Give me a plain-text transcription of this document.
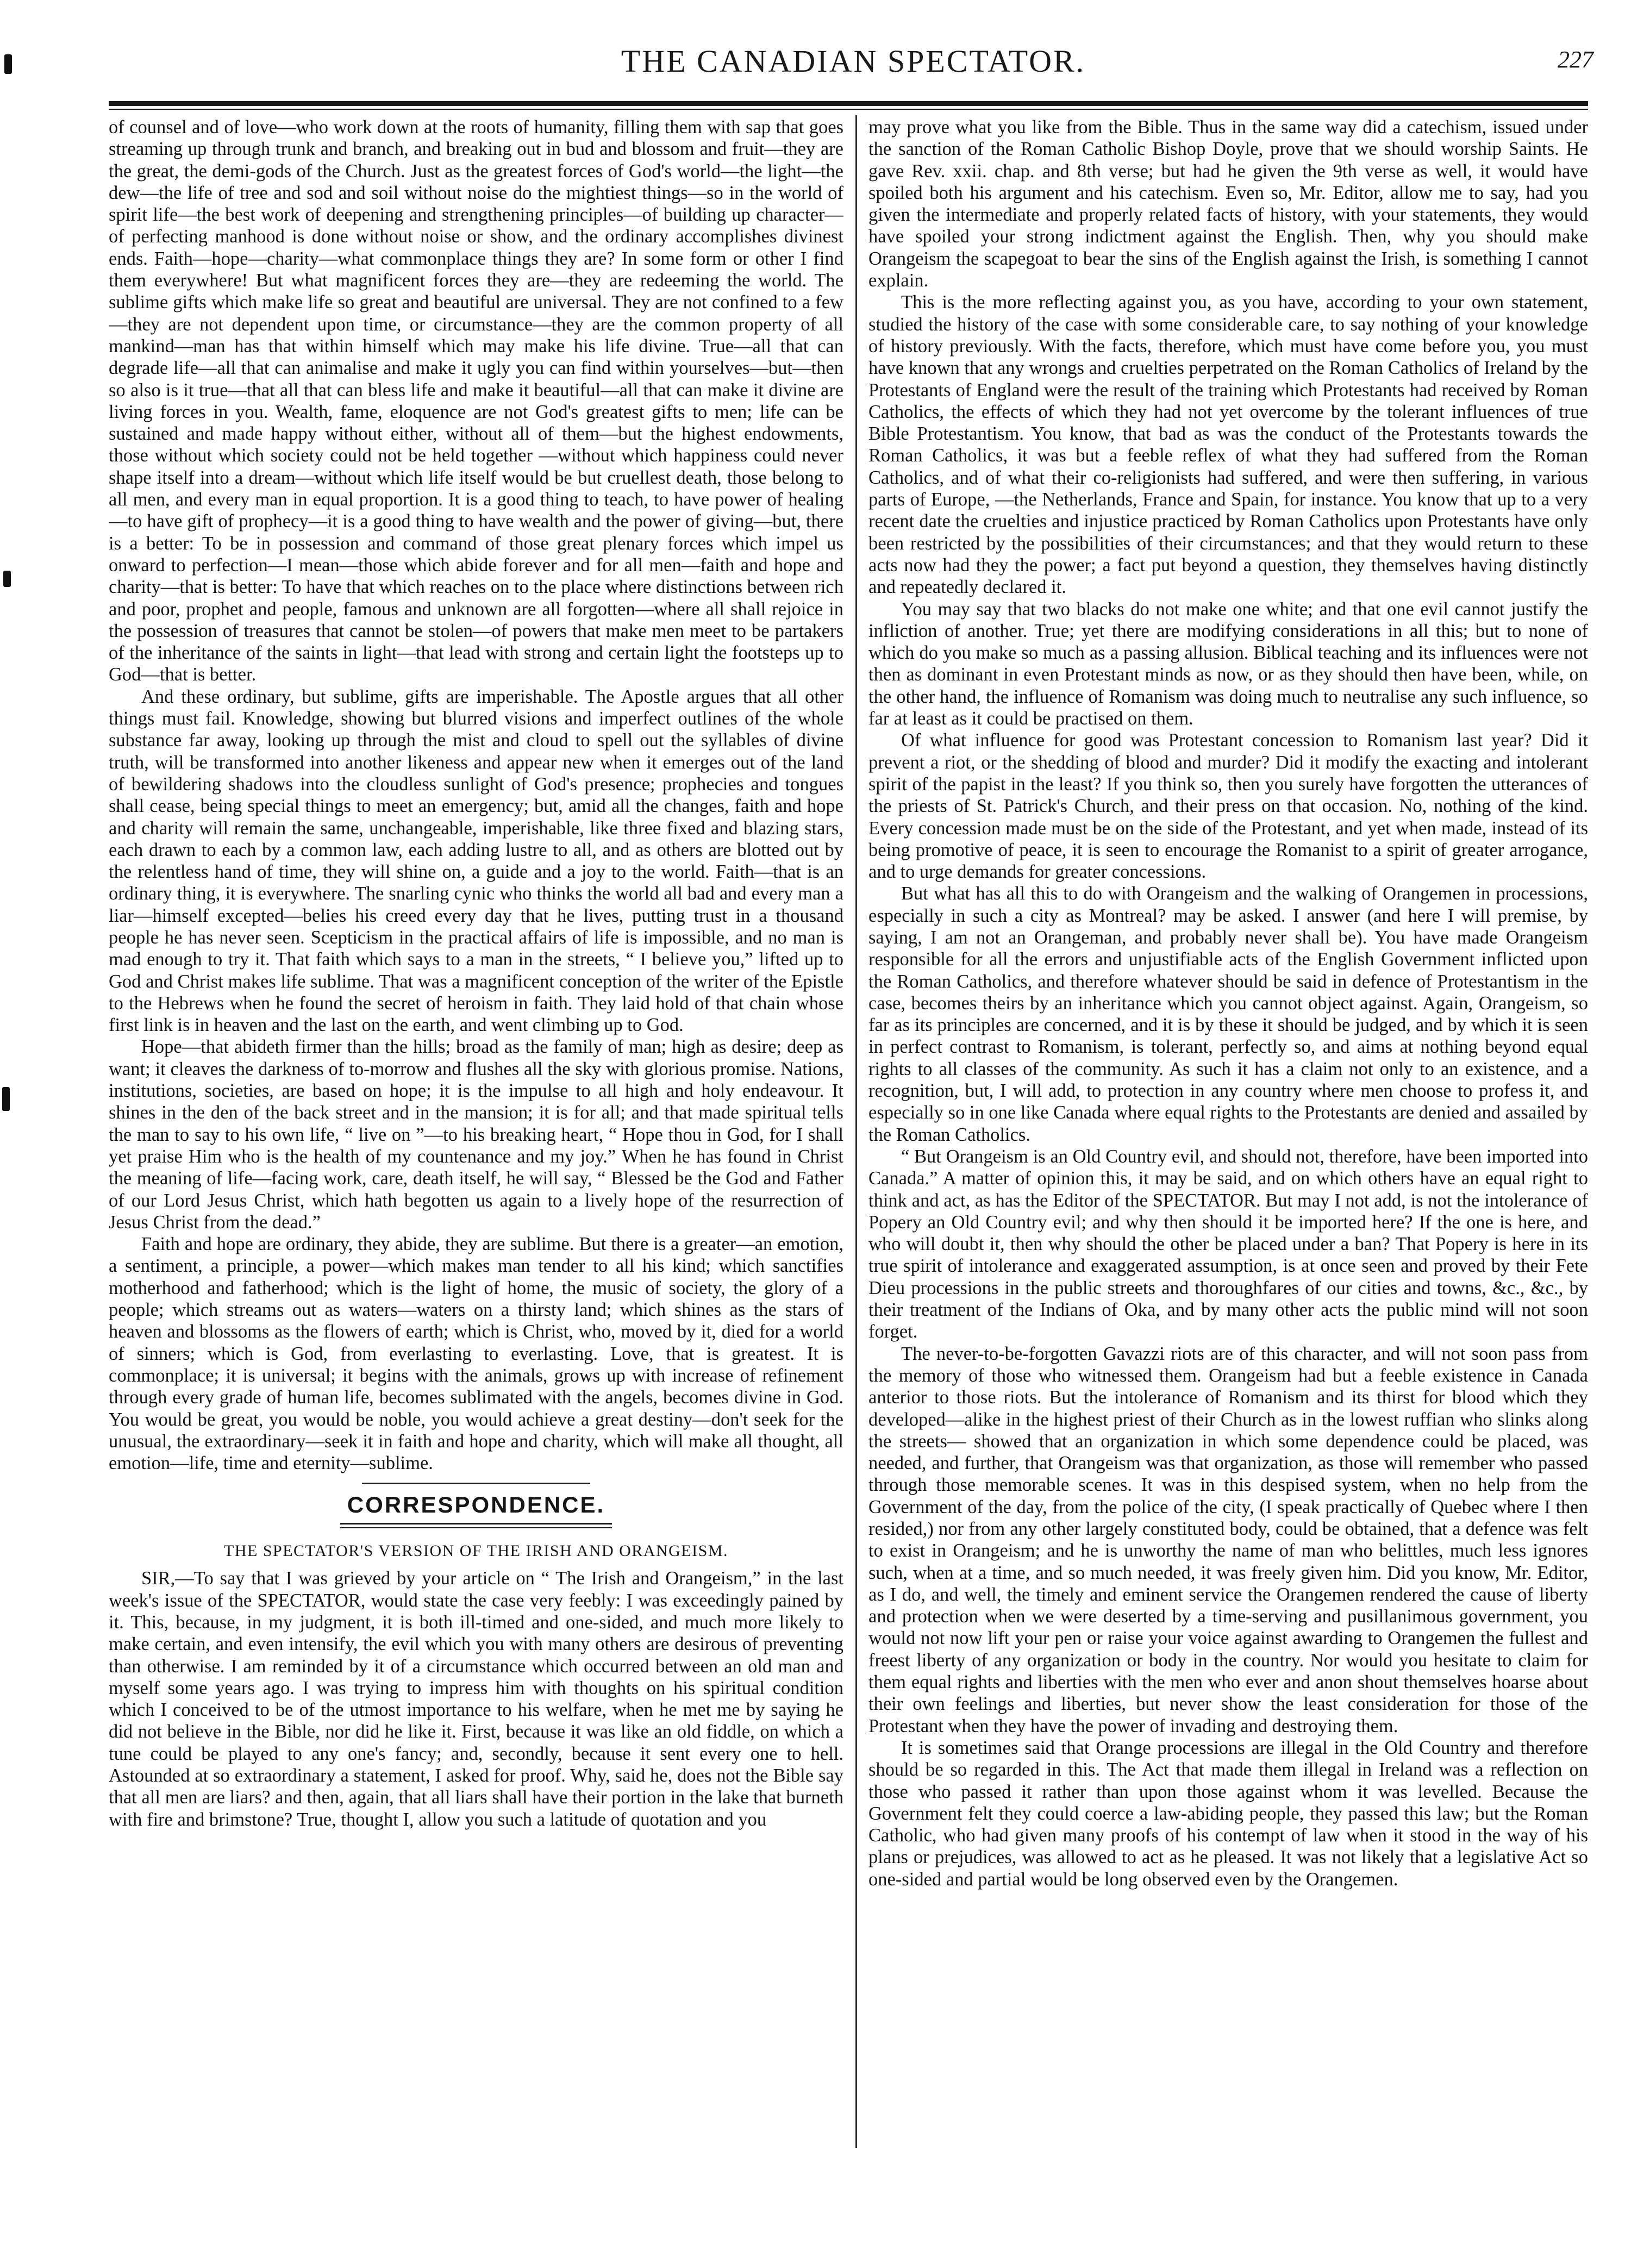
THE CANADIAN SPECTATOR.	227

of counsel and of love—who work down at the roots of humanity, filling them with sap that goes streaming up through trunk and branch, and breaking out in bud and blossom and fruit—they are the great, the demi-gods of the Church. Just as the greatest forces of God's world—the light—the dew—the life of tree and sod and soil without noise do the mightiest things—so in the world of spirit life—the best work of deepening and strengthening principles—of building up character—of perfecting manhood is done without noise or show, and the ordinary accomplishes divinest ends. Faith—hope—charity—what commonplace things they are? In some form or other I find them everywhere! But what magnificent forces they are—they are redeeming the world. The sublime gifts which make life so great and beautiful are universal. They are not confined to a few—they are not dependent upon time, or circumstance—they are the common property of all mankind—man has that within himself which may make his life divine. True—all that can degrade life—all that can animalise and make it ugly you can find within yourselves—but—then so also is it true—that all that can bless life and make it beautiful—all that can make it divine are living forces in you. Wealth, fame, eloquence are not God's greatest gifts to men; life can be sustained and made happy without either, without all of them—but the highest endowments, those without which society could not be held together —without which happiness could never shape itself into a dream—without which life itself would be but cruellest death, those belong to all men, and every man in equal proportion. It is a good thing to teach, to have power of healing—to have gift of prophecy—it is a good thing to have wealth and the power of giving—but, there is a better: To be in possession and command of those great plenary forces which impel us onward to perfection—I mean—those which abide forever and for all men—faith and hope and charity—that is better: To have that which reaches on to the place where distinctions between rich and poor, prophet and people, famous and unknown are all forgotten—where all shall rejoice in the possession of treasures that cannot be stolen—of powers that make men meet to be partakers of the inheritance of the saints in light—that lead with strong and certain light the footsteps up to God—that is better.

And these ordinary, but sublime, gifts are imperishable. The Apostle argues that all other things must fail. Knowledge, showing but blurred visions and imperfect outlines of the whole substance far away, looking up through the mist and cloud to spell out the syllables of divine truth, will be transformed into another likeness and appear new when it emerges out of the land of bewildering shadows into the cloudless sunlight of God's presence; prophecies and tongues shall cease, being special things to meet an emergency; but, amid all the changes, faith and hope and charity will remain the same, unchangeable, imperishable, like three fixed and blazing stars, each drawn to each by a common law, each adding lustre to all, and as others are blotted out by the relentless hand of time, they will shine on, a guide and a joy to the world. Faith—that is an ordinary thing, it is everywhere. The snarling cynic who thinks the world all bad and every man a liar—himself excepted—belies his creed every day that he lives, putting trust in a thousand people he has never seen. Scepticism in the practical affairs of life is impossible, and no man is mad enough to try it. That faith which says to a man in the streets, “ I believe you,” lifted up to God and Christ makes life sublime. That was a magnificent conception of the writer of the Epistle to the Hebrews when he found the secret of heroism in faith. They laid hold of that chain whose first link is in heaven and the last on the earth, and went climbing up to God.

Hope—that abideth firmer than the hills; broad as the family of man; high as desire; deep as want; it cleaves the darkness of to-morrow and flushes all the sky with glorious promise. Nations, institutions, societies, are based on hope; it is the impulse to all high and holy endeavour. It shines in the den of the back street and in the mansion; it is for all; and that made spiritual tells the man to say to his own life, “ live on ”—to his breaking heart, “ Hope thou in God, for I shall yet praise Him who is the health of my countenance and my joy.” When he has found in Christ the meaning of life—facing work, care, death itself, he will say, “ Blessed be the God and Father of our Lord Jesus Christ, which hath begotten us again to a lively hope of the resurrection of Jesus Christ from the dead.”

Faith and hope are ordinary, they abide, they are sublime. But there is a greater—an emotion, a sentiment, a principle, a power—which makes man tender to all his kind; which sanctifies motherhood and fatherhood; which is the light of home, the music of society, the glory of a people; which streams out as waters—waters on a thirsty land; which shines as the stars of heaven and blossoms as the flowers of earth; which is Christ, who, moved by it, died for a world of sinners; which is God, from everlasting to everlasting. Love, that is greatest. It is commonplace; it is universal; it begins with the animals, grows up with increase of refinement through every grade of human life, becomes sublimated with the angels, becomes divine in God. You would be great, you would be noble, you would achieve a great destiny—don't seek for the unusual, the extraordinary—seek it in faith and hope and charity, which will make all thought, all emotion—life, time and eternity—sublime.

CORRESPONDENCE.
THE SPECTATOR'S VERSION OF THE IRISH AND ORANGEISM.

SIR,—To say that I was grieved by your article on “ The Irish and Orangeism,” in the last week's issue of the SPECTATOR, would state the case very feebly: I was exceedingly pained by it. This, because, in my judgment, it is both ill-timed and one-sided, and much more likely to make certain, and even intensify, the evil which you with many others are desirous of preventing than otherwise. I am reminded by it of a circumstance which occurred between an old man and myself some years ago. I was trying to impress him with thoughts on his spiritual condition which I conceived to be of the utmost importance to his welfare, when he met me by saying he did not believe in the Bible, nor did he like it. First, because it was like an old fiddle, on which a tune could be played to any one's fancy; and, secondly, because it sent every one to hell. Astounded at so extraordinary a statement, I asked for proof. Why, said he, does not the Bible say that all men are liars? and then, again, that all liars shall have their portion in the lake that burneth with fire and brimstone? True, thought I, allow you such a latitude of quotation and you

may prove what you like from the Bible. Thus in the same way did a catechism, issued under the sanction of the Roman Catholic Bishop Doyle, prove that we should worship Saints. He gave Rev. xxii. chap. and 8th verse; but had he given the 9th verse as well, it would have spoiled both his argument and his catechism. Even so, Mr. Editor, allow me to say, had you given the intermediate and properly related facts of history, with your statements, they would have spoiled your strong indictment against the English. Then, why you should make Orangeism the scapegoat to bear the sins of the English against the Irish, is something I cannot explain.

This is the more reflecting against you, as you have, according to your own statement, studied the history of the case with some considerable care, to say nothing of your knowledge of history previously. With the facts, therefore, which must have come before you, you must have known that any wrongs and cruelties perpetrated on the Roman Catholics of Ireland by the Protestants of England were the result of the training which Protestants had received by Roman Catholics, the effects of which they had not yet overcome by the tolerant influences of true Bible Protestantism. You know, that bad as was the conduct of the Protestants towards the Roman Catholics, it was but a feeble reflex of what they had suffered from the Roman Catholics, and of what their co-religionists had suffered, and were then suffering, in various parts of Europe, —the Netherlands, France and Spain, for instance. You know that up to a very recent date the cruelties and injustice practiced by Roman Catholics upon Protestants have only been restricted by the possibilities of their circumstances; and that they would return to these acts now had they the power; a fact put beyond a question, they themselves having distinctly and repeatedly declared it.

You may say that two blacks do not make one white; and that one evil cannot justify the infliction of another. True; yet there are modifying considerations in all this; but to none of which do you make so much as a passing allusion. Biblical teaching and its influences were not then as dominant in even Protestant minds as now, or as they should then have been, while, on the other hand, the influence of Romanism was doing much to neutralise any such influence, so far at least as it could be practised on them.

Of what influence for good was Protestant concession to Romanism last year? Did it prevent a riot, or the shedding of blood and murder? Did it modify the exacting and intolerant spirit of the papist in the least? If you think so, then you surely have forgotten the utterances of the priests of St. Patrick's Church, and their press on that occasion. No, nothing of the kind. Every concession made must be on the side of the Protestant, and yet when made, instead of its being promotive of peace, it is seen to encourage the Romanist to a spirit of greater arrogance, and to urge demands for greater concessions.

But what has all this to do with Orangeism and the walking of Orangemen in processions, especially in such a city as Montreal? may be asked. I answer (and here I will premise, by saying, I am not an Orangeman, and probably never shall be). You have made Orangeism responsible for all the errors and unjustifiable acts of the English Government inflicted upon the Roman Catholics, and therefore whatever should be said in defence of Protestantism in the case, becomes theirs by an inheritance which you cannot object against. Again, Orangeism, so far as its principles are concerned, and it is by these it should be judged, and by which it is seen in perfect contrast to Romanism, is tolerant, perfectly so, and aims at nothing beyond equal rights to all classes of the community. As such it has a claim not only to an existence, and a recognition, but, I will add, to protection in any country where men choose to profess it, and especially so in one like Canada where equal rights to the Protestants are denied and assailed by the Roman Catholics.

“ But Orangeism is an Old Country evil, and should not, therefore, have been imported into Canada.” A matter of opinion this, it may be said, and on which others have an equal right to think and act, as has the Editor of the SPECTATOR. But may I not add, is not the intolerance of Popery an Old Country evil; and why then should it be imported here? If the one is here, and who will doubt it, then why should the other be placed under a ban? That Popery is here in its true spirit of intolerance and exaggerated assumption, is at once seen and proved by their Fete Dieu processions in the public streets and thoroughfares of our cities and towns, &c., &c., by their treatment of the Indians of Oka, and by many other acts the public mind will not soon forget.

The never-to-be-forgotten Gavazzi riots are of this character, and will not soon pass from the memory of those who witnessed them. Orangeism had but a feeble existence in Canada anterior to those riots. But the intolerance of Romanism and its thirst for blood which they developed—alike in the highest priest of their Church as in the lowest ruffian who slinks along the streets— showed that an organization in which some dependence could be placed, was needed, and further, that Orangeism was that organization, as those will remember who passed through those memorable scenes. It was in this despised system, when no help from the Government of the day, from the police of the city, (I speak practically of Quebec where I then resided,) nor from any other largely constituted body, could be obtained, that a defence was felt to exist in Orangeism; and he is unworthy the name of man who belittles, much less ignores such, when at a time, and so much needed, it was freely given him. Did you know, Mr. Editor, as I do, and well, the timely and eminent service the Orangemen rendered the cause of liberty and protection when we were deserted by a time-serving and pusillanimous government, you would not now lift your pen or raise your voice against awarding to Orangemen the fullest and freest liberty of any organization or body in the country. Nor would you hesitate to claim for them equal rights and liberties with the men who ever and anon shout themselves hoarse about their own feelings and liberties, but never show the least consideration for those of the Protestant when they have the power of invading and destroying them.

It is sometimes said that Orange processions are illegal in the Old Country and therefore should be so regarded in this. The Act that made them illegal in Ireland was a reflection on those who passed it rather than upon those against whom it was levelled. Because the Government felt they could coerce a law-abiding people, they passed this law; but the Roman Catholic, who had given many proofs of his contempt of law when it stood in the way of his plans or prejudices, was allowed to act as he pleased. It was not likely that a legislative Act so one-sided and partial would be long observed even by the Orangemen.
